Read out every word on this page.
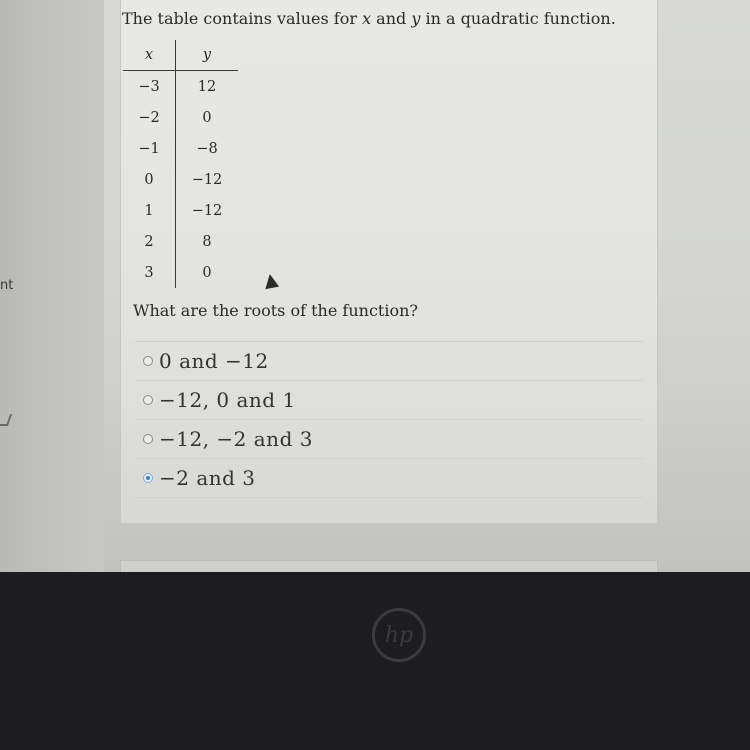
nt
The table contains values for x and y in a quadratic function.
x	y
−3	12
−2	0
−1	−8
0	−12
1	−12
2	8
3	0
What are the roots of the function?
0 and −12
−12, 0 and 1
−12, −2 and 3
−2 and 3
hp
